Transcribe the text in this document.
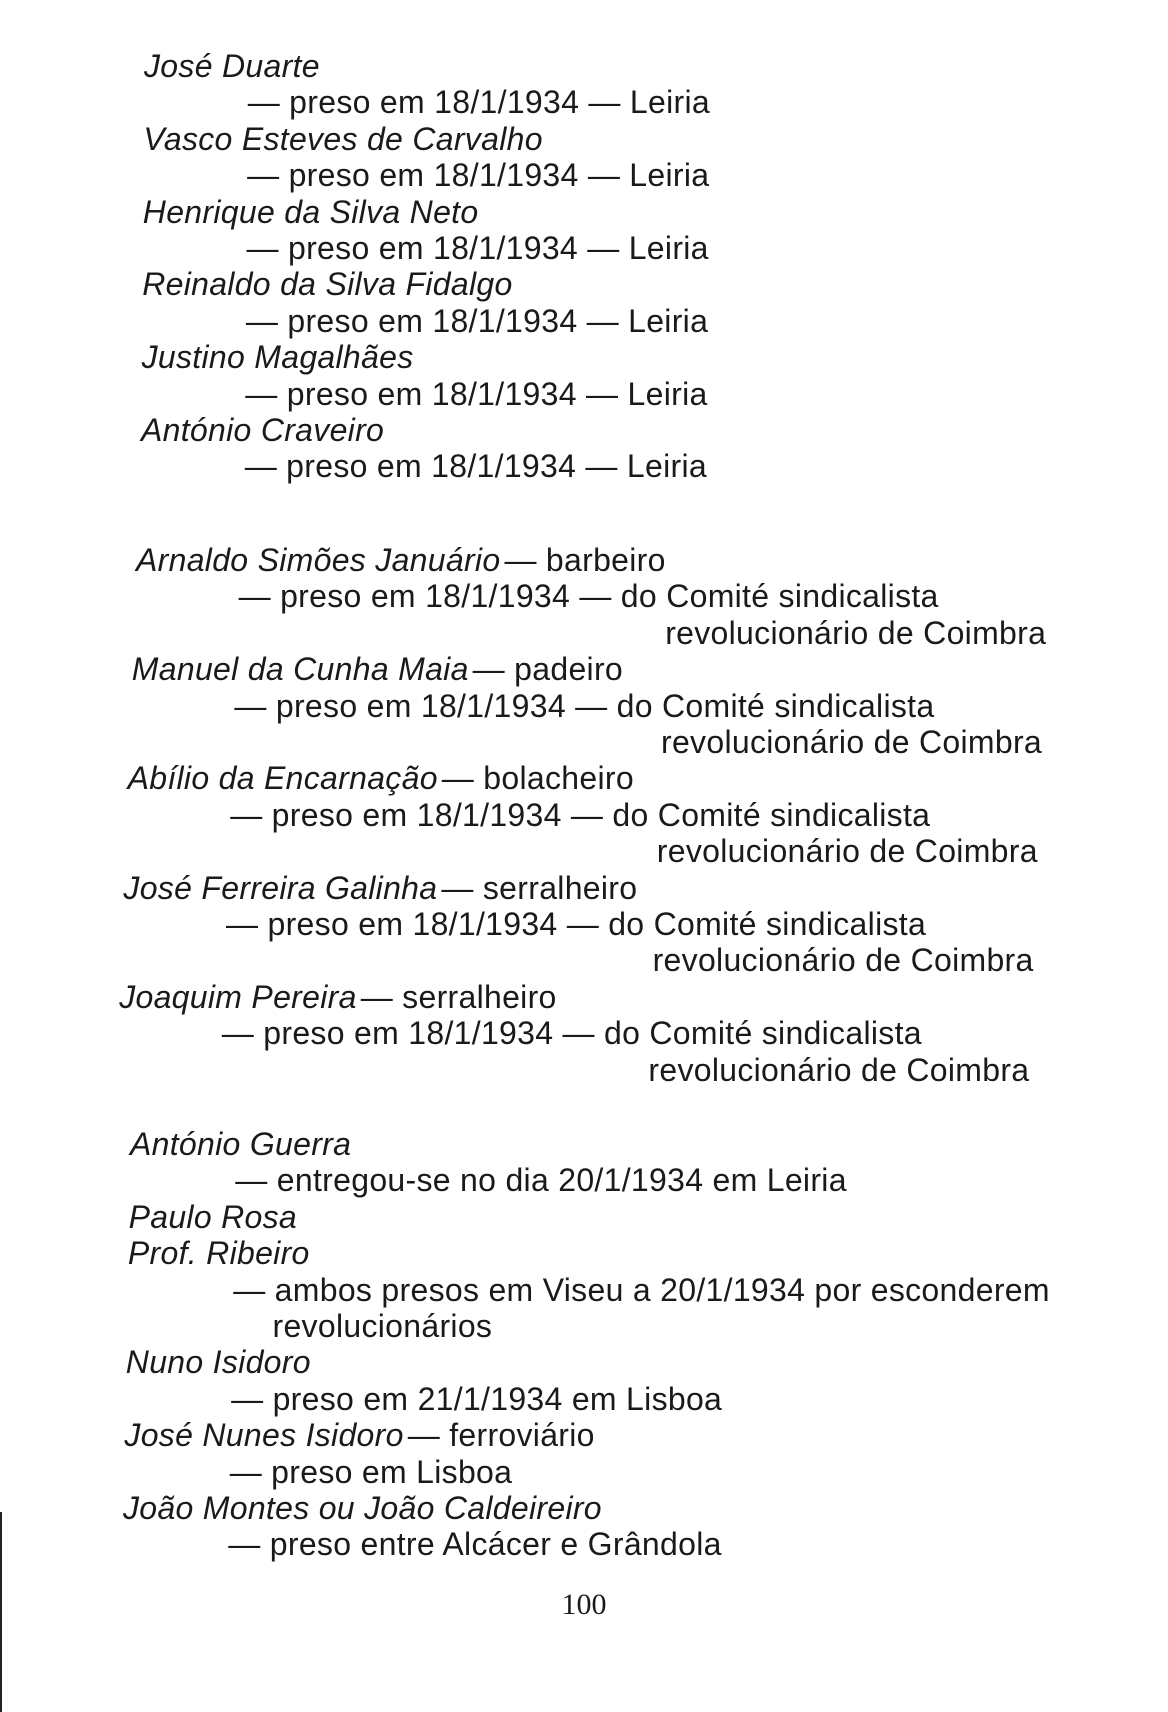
José Duarte
— preso em 18/1/1934 — Leiria
Vasco Esteves de Carvalho
— preso em 18/1/1934 — Leiria
Henrique da Silva Neto
— preso em 18/1/1934 — Leiria
Reinaldo da Silva Fidalgo
— preso em 18/1/1934 — Leiria
Justino Magalhães
— preso em 18/1/1934 — Leiria
António Craveiro
— preso em 18/1/1934 — Leiria
Arnaldo Simões Januário — barbeiro
— preso em 18/1/1934 — do Comité sindicalista
revolucionário de Coimbra
Manuel da Cunha Maia — padeiro
— preso em 18/1/1934 — do Comité sindicalista
revolucionário de Coimbra
Abílio da Encarnação — bolacheiro
— preso em 18/1/1934 — do Comité sindicalista
revolucionário de Coimbra
José Ferreira Galinha — serralheiro
— preso em 18/1/1934 — do Comité sindicalista
revolucionário de Coimbra
Joaquim Pereira — serralheiro
— preso em 18/1/1934 — do Comité sindicalista
revolucionário de Coimbra
António Guerra
— entregou-se no dia 20/1/1934 em Leiria
Paulo Rosa
Prof. Ribeiro
— ambos presos em Viseu a 20/1/1934 por esconderem
revolucionários
Nuno Isidoro
— preso em 21/1/1934 em Lisboa
José Nunes Isidoro — ferroviário
— preso em Lisboa
João Montes ou João Caldeireiro
— preso entre Alcácer e Grândola
100
